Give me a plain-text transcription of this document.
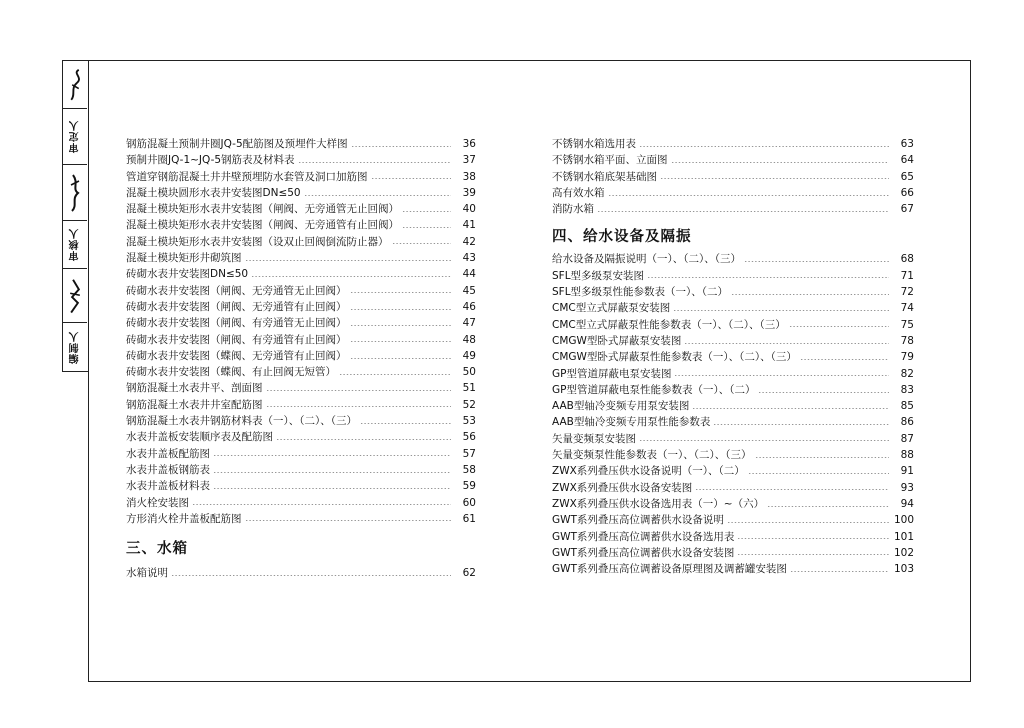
审定人
审核人
编制人
钢筋混凝土预制井圈JQ-5配筋图及预埋件大样图	36
预制井圈JQ-1~JQ-5钢筋表及材料表	37
管道穿钢筋混凝土井井壁预埋防水套管及洞口加筋图	38
混凝土模块圆形水表井安装图DN≤50	39
混凝土模块矩形水表井安装图（闸阀、无旁通管无止回阀）	40
混凝土模块矩形水表井安装图（闸阀、无旁通管有止回阀）	41
混凝土模块矩形水表井安装图（设双止回阀倒流防止器）	42
混凝土模块矩形井砌筑图	43
砖砌水表井安装图DN≤50	44
砖砌水表井安装图（闸阀、无旁通管无止回阀）	45
砖砌水表井安装图（闸阀、无旁通管有止回阀）	46
砖砌水表井安装图（闸阀、有旁通管无止回阀）	47
砖砌水表井安装图（闸阀、有旁通管有止回阀）	48
砖砌水表井安装图（蝶阀、无旁通管有止回阀）	49
砖砌水表井安装图（蝶阀、有止回阀无短管）	50
钢筋混凝土水表井平、剖面图	51
钢筋混凝土水表井井室配筋图	52
钢筋混凝土水表井钢筋材料表（一）、（二）、（三）	53
水表井盖板安装顺序表及配筋图	56
水表井盖板配筋图	57
水表井盖板钢筋表	58
水表井盖板材料表	59
消火栓安装图	60
方形消火栓井盖板配筋图	61
三、水箱
水箱说明	62
不锈钢水箱选用表	63
不锈钢水箱平面、立面图	64
不锈钢水箱底架基础图	65
高有效水箱	66
消防水箱	67
四、给水设备及隔振
给水设备及隔振说明（一）、（二）、（三）	68
SFL型多级泵安装图	71
SFL型多级泵性能参数表（一）、（二）	72
CMC型立式屏蔽泵安装图	74
CMC型立式屏蔽泵性能参数表（一）、（二）、（三）	75
CMGW型卧式屏蔽泵安装图	78
CMGW型卧式屏蔽泵性能参数表（一）、（二）、（三）	79
GP型管道屏蔽电泵安装图	82
GP型管道屏蔽电泵性能参数表（一）、（二）	83
AAB型轴冷变频专用泵安装图	85
AAB型轴冷变频专用泵性能参数表	86
矢量变频泵安装图	87
矢量变频泵性能参数表（一）、（二）、（三）	88
ZWX系列叠压供水设备说明（一）、（二）	91
ZWX系列叠压供水设备安装图	93
ZWX系列叠压供水设备选用表（一）~（六）	94
GWT系列叠压高位调蓄供水设备说明	100
GWT系列叠压高位调蓄供水设备选用表	101
GWT系列叠压高位调蓄供水设备安装图	102
GWT系列叠压高位调蓄设备原理图及调蓄罐安装图	103
